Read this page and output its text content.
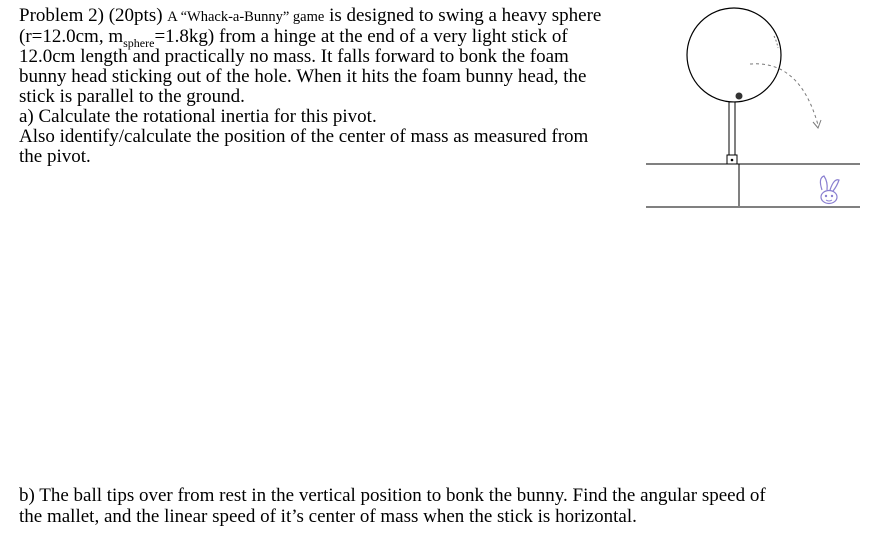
Problem 2) (20pts) A “Whack-a-Bunny” game is designed to swing a heavy sphere
(r=12.0cm, $m_{sphere}=1.8kg$) from a hinge at the end of a very light stick of
12.0cm length and practically no mass. It falls forward to bonk the foam
bunny head sticking out of the hole. When it hits the foam bunny head, the
stick is parallel to the ground.
a) Calculate the rotational inertia for this pivot.
Also identify/calculate the position of the center of mass as measured from
the pivot.
b) The ball tips over from rest in the vertical position to bonk the bunny. Find the angular speed of
the mallet, and the linear speed of it’s center of mass when the stick is horizontal.
